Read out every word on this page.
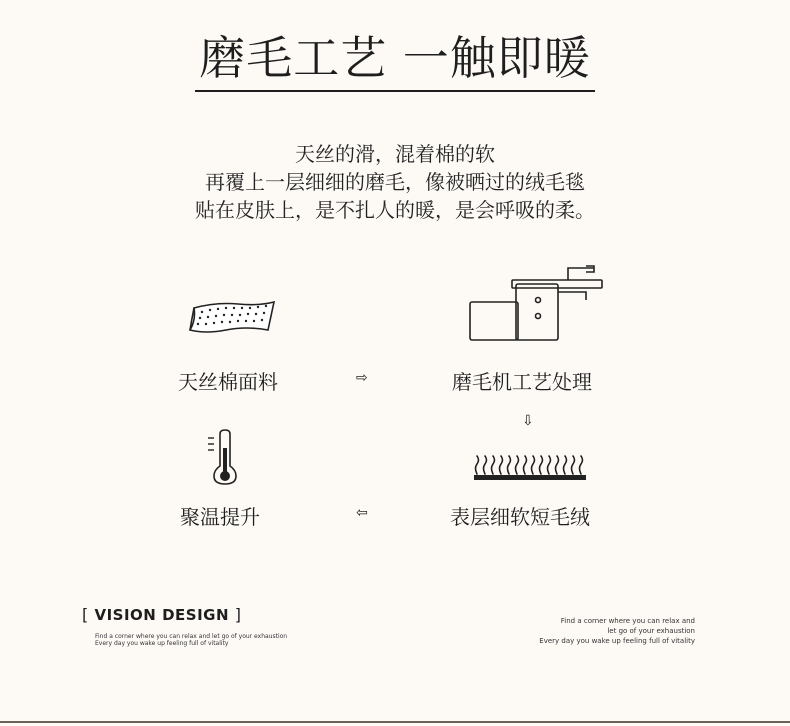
磨毛工艺 一触即暖
天丝的滑，混着棉的软
再覆上一层细细的磨毛，像被晒过的绒毛毯
贴在皮肤上，是不扎人的暖，是会呼吸的柔。
天丝棉面料	⇨	磨毛机工艺处理
⇩
聚温提升	⇦	表层细软短毛绒
[ VISION DESIGN ]
Find a corner where you can relax and let go of your exhaustion
Every day you wake up feeling full of vitality
Find a corner where you can relax and
let go of your exhaustion
Every day you wake up feeling full of vitality
